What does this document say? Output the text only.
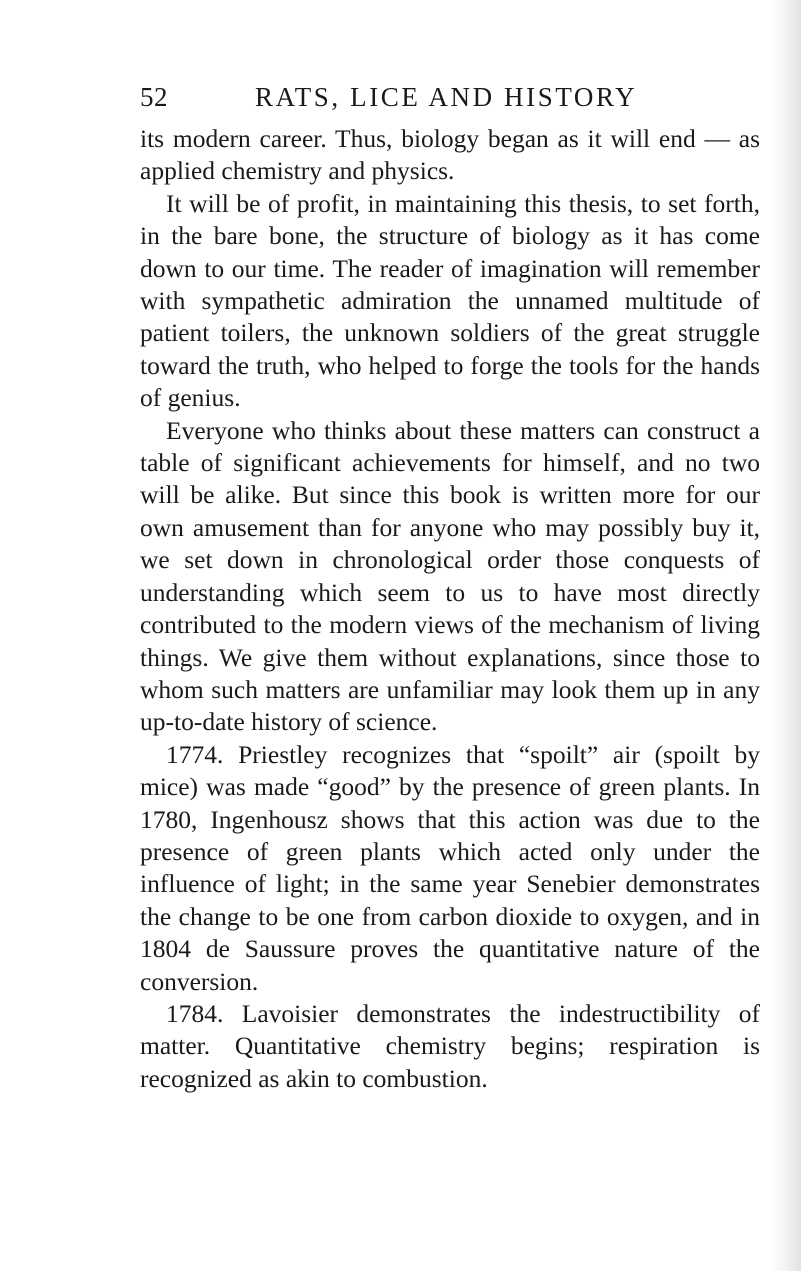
52	RATS, LICE AND HISTORY

its modern career. Thus, biology began as it will end — as applied chemistry and physics.

It will be of profit, in maintaining this thesis, to set forth, in the bare bone, the structure of biology as it has come down to our time. The reader of imagination will remember with sympathetic admiration the unnamed multitude of patient toilers, the unknown soldiers of the great struggle toward the truth, who helped to forge the tools for the hands of genius.

Everyone who thinks about these matters can construct a table of significant achievements for himself, and no two will be alike. But since this book is written more for our own amusement than for anyone who may possibly buy it, we set down in chronological order those conquests of understanding which seem to us to have most directly contributed to the modern views of the mechanism of living things. We give them without explanations, since those to whom such matters are unfamiliar may look them up in any up-to-date history of science.

1774. Priestley recognizes that “spoilt” air (spoilt by mice) was made “good” by the presence of green plants. In 1780, Ingenhousz shows that this action was due to the presence of green plants which acted only under the influence of light; in the same year Senebier demonstrates the change to be one from carbon dioxide to oxygen, and in 1804 de Saussure proves the quantitative nature of the conversion.

1784. Lavoisier demonstrates the indestructibility of matter. Quantitative chemistry begins; respiration is recognized as akin to combustion.
